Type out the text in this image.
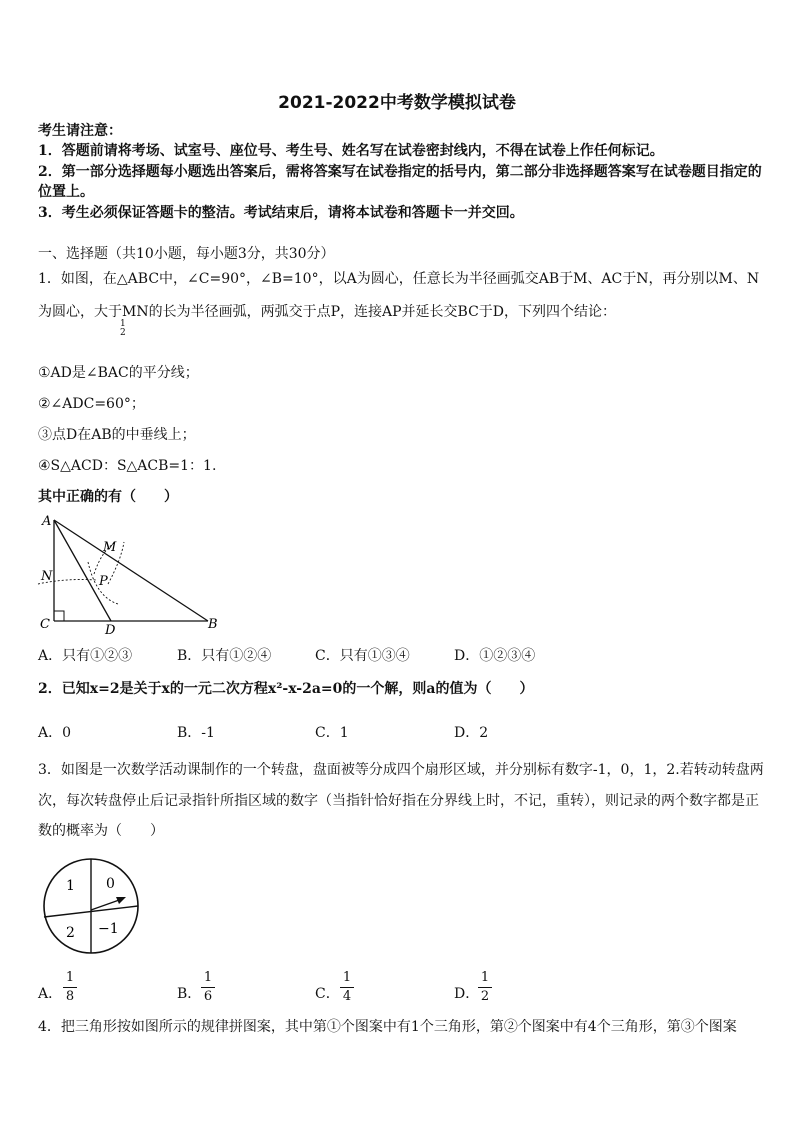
2021-2022中考数学模拟试卷
考生请注意：
1．答题前请将考场、试室号、座位号、考生号、姓名写在试卷密封线内，不得在试卷上作任何标记。
2．第一部分选择题每小题选出答案后，需将答案写在试卷指定的括号内，第二部分非选择题答案写在试卷题目指定的
位置上。
3．考生必须保证答题卡的整洁。考试结束后，请将本试卷和答题卡一并交回。
一、选择题（共10小题，每小题3分，共30分）
1．如图，在△ABC中，∠C=90°，∠B=10°，以A为圆心，任意长为半径画弧交AB于M、AC于N，再分别以M、N
为圆心，大于MN的长为半径画弧，两弧交于点P，连接AP并延长交BC于D，下列四个结论：
1
2
①AD是∠BAC的平分线；
②∠ADC=60°；
③点D在AB的中垂线上；
④S△ACD：S△ACB=1：1.
其中正确的有（　　）
A
M
N	P
C	D	B
A．只有①②③	B．只有①②④	C．只有①③④	D．①②③④
2．已知x=2是关于x的一元二次方程x²-x-2a=0的一个解，则a的值为（　　）
A．0	B．-1	C．1	D．2
3．如图是一次数学活动课制作的一个转盘，盘面被等分成四个扇形区域，并分别标有数字-1，0，1，2.若转动转盘两
次，每次转盘停止后记录指针所指区域的数字（当指针恰好指在分界线上时，不记，重转），则记录的两个数字都是正
数的概率为（　　）
1 0
2 −1
A．
1
8	B．
1
6	C．
1
4	D．
1
2
4．把三角形按如图所示的规律拼图案，其中第①个图案中有1个三角形，第②个图案中有4个三角形，第③个图案
